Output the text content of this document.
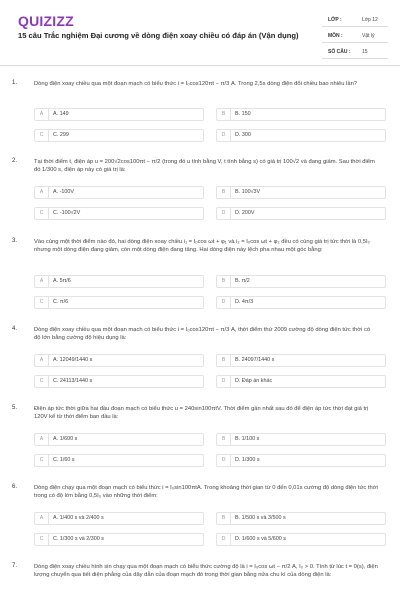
QUIZIZZ
15 câu Trắc nghiệm Đại cương về dòng điện xoay chiều có đáp án (Vận dụng)
LỚP :	Lớp 12
MÔN :	Vật lý
SỐ CÂU : 15
1.	Dòng điện xoay chiều qua một đoạn mạch có biểu thức i = I₀cos120πt − π/3 A. Trong 2,5s dòng điện đổi chiều bao nhiêu lần?
A	A. 149	B	B. 150
C	C. 299	D	D. 300
2.	Tại thời điểm t, điện áp u = 200√2cos100πt − π/2 (trong đó u tính bằng V, t tính bằng s) có giá trị 100√2 và đang giảm. Sau thời điểm đó 1/300 s, điện áp này có giá trị là:
A	A. -100V	B	B. 100√3V
C	C. -100√2V	D	D. 200V
3.	Vào cùng một thời điểm nào đó, hai dòng điện xoay chiều i₁ = I₀cos ωt + φ₁ và i₂ = I₀cos ωt + φ₂ đều có cùng giá trị tức thời là 0,5I₀ nhưng một dòng điện đang giảm, còn một dòng điện đang tăng. Hai dòng điện này lệch pha nhau một góc bằng:
A	A. 5π/6	B	B. π/2
C	C. π/6	D	D. 4π/3
4.	Dòng điện xoay chiều qua một đoạn mạch có biểu thức i = I₀cos120πt − π/3 A, thời điểm thứ 2009 cường độ dòng điện tức thời có độ lớn bằng cường độ hiệu dụng là:
A	A. 12049/1440 s	B	B. 24097/1440 s
C	C. 24113/1440 s	D	D. Đáp án khác
5.	Điện áp tức thời giữa hai đầu đoạn mạch có biểu thức u = 240sin100πtV. Thời điểm gần nhất sau đó để điện áp tức thời đạt giá trị 120V kể từ thời điểm ban đầu là:
A	A. 1/600 s	B	B. 1/100 s
C	C. 1/60 s	D	D. 1/300 s
6.	Dòng điện chạy qua một đoạn mạch có biểu thức i = I₀sin100πtA. Trong khoảng thời gian từ 0 đến 0,01s cường độ dòng điện tức thời trong có độ lớn bằng 0,5I₀ vào những thời điểm:
A	A. 1/400 s và 2/400 s	B	B. 1/500 s và 3/500 s
C	C. 1/300 s và 2/300 s	D	D. 1/600 s và 5/600 s
7.	Dòng điện xoay chiều hình sin chạy qua một đoạn mạch có biểu thức cường độ là i = I₀cos ωt − π/2 A, I₀ > 0. Tính từ lúc t = 0(s), điện lượng chuyển qua tiết diện phẳng của dây dẫn của đoạn mạch đó trong thời gian bằng nửa chu kì của dòng điện là:
